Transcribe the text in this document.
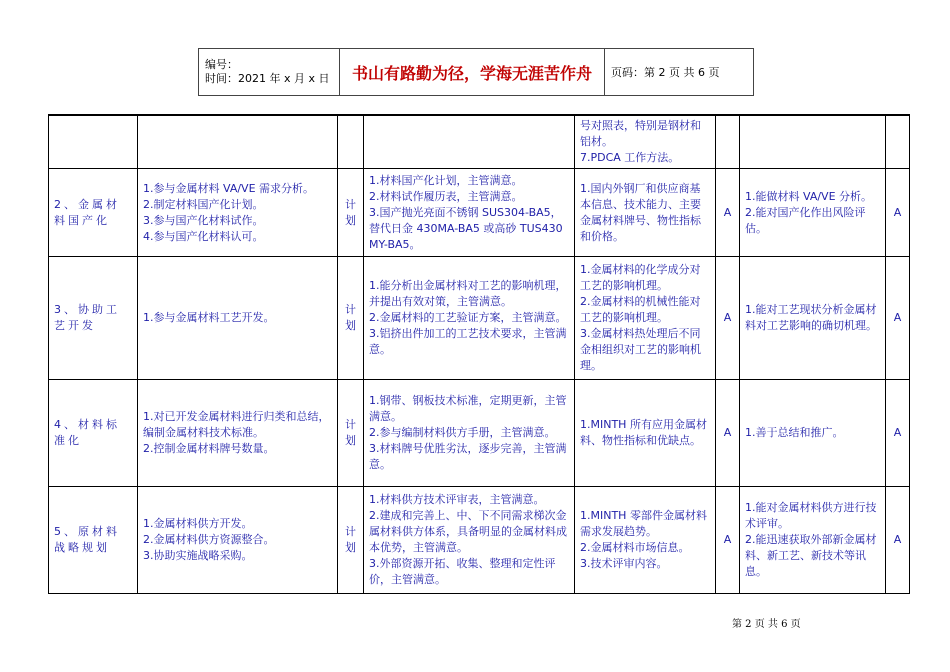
编号：
时间：2021 年 x 月 x 日	书山有路勤为径，学海无涯苦作舟	页码：第 2 页 共 6 页

				号对照表，特别是钢材和铝材。
7.PDCA 工作方法。			

2、金属材料国产化	1.参与金属材料 VA/VE 需求分析。
2.制定材料国产化计划。
3.参与国产化材料试作。
4.参与国产化材料认可。	计划	1.材料国产化计划，主管满意。
2.材料试作履历表，主管满意。
3.国产抛光亮面不锈钢 SUS304-BA5，替代日金 430MA-BA5 或高砂 TUS430MY-BA5。	1.国内外钢厂和供应商基本信息、技术能力、主要金属材料牌号、物性指标和价格。	A	1.能做材料 VA/VE 分析。
2.能对国产化作出风险评估。	A
3、协助工艺开发	1.参与金属材料工艺开发。	计划	1.能分析出金属材料对工艺的影响机理，并提出有效对策，主管满意。
2.金属材料的工艺验证方案，主管满意。
3.铝挤出件加工的工艺技术要求，主管满意。	1.金属材料的化学成分对工艺的影响机理。
2.金属材料的机械性能对工艺的影响机理。
3.金属材料热处理后不同金相组织对工艺的影响机理。	A	1.能对工艺现状分析金属材料对工艺影响的确切机理。	A
4、材料标准化	1.对已开发金属材料进行归类和总结，编制金属材料技术标准。
2.控制金属材料牌号数量。	计划	1.钢带、钢板技术标准，定期更新，主管满意。
2.参与编制材料供方手册，主管满意。
3.材料牌号优胜劣汰，逐步完善，主管满意。	1.MINTH 所有应用金属材料、物性指标和优缺点。	A	1.善于总结和推广。	A
5、原材料战略规划	1.金属材料供方开发。
2.金属材料供方资源整合。
3.协助实施战略采购。	计划	1.材料供方技术评审表，主管满意。
2.建成和完善上、中、下不同需求梯次金属材料供方体系，具备明显的金属材料成本优势，主管满意。
3.外部资源开拓、收集、整理和定性评价，主管满意。	1.MINTH 零部件金属材料需求发展趋势。
2.金属材料市场信息。
3.技术评审内容。	A	1.能对金属材料供方进行技术评审。
2.能迅速获取外部新金属材料、新工艺、新技术等讯息。	A
第 2 页 共 6 页
